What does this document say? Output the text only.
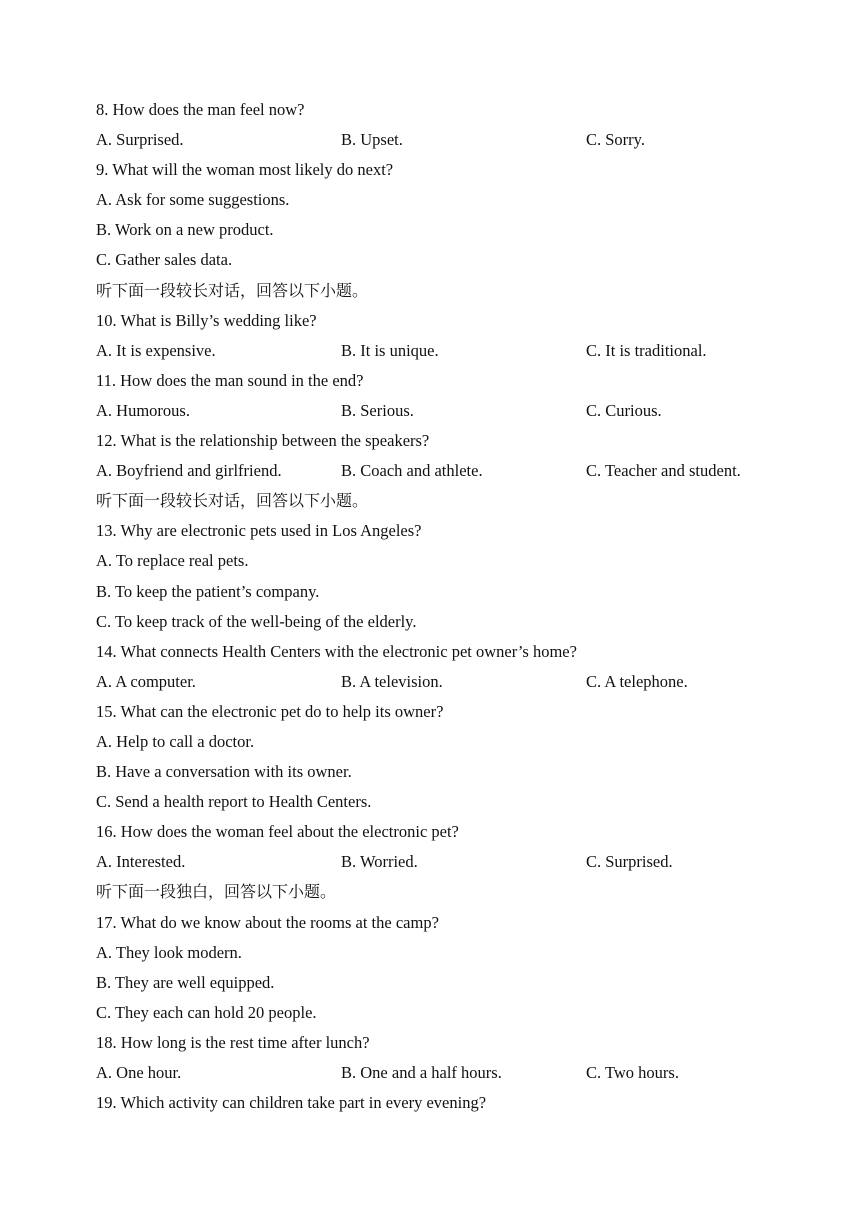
8. How does the man feel now?
A. Surprised.	B. Upset.	C. Sorry.
9. What will the woman most likely do next?
A. Ask for some suggestions.
B. Work on a new product.
C. Gather sales data.
听下面一段较长对话，回答以下小题。
10. What is Billy’s wedding like?
A. It is expensive.	B. It is unique.	C. It is traditional.
11. How does the man sound in the end?
A. Humorous.	B. Serious.	C. Curious.
12. What is the relationship between the speakers?
A. Boyfriend and girlfriend.	B. Coach and athlete.	C. Teacher and student.
听下面一段较长对话，回答以下小题。
13. Why are electronic pets used in Los Angeles?
A. To replace real pets.
B. To keep the patient’s company.
C. To keep track of the well-being of the elderly.
14. What connects Health Centers with the electronic pet owner’s home?
A. A computer.	B. A television.	C. A telephone.
15. What can the electronic pet do to help its owner?
A. Help to call a doctor.
B. Have a conversation with its owner.
C. Send a health report to Health Centers.
16. How does the woman feel about the electronic pet?
A. Interested.	B. Worried.	C. Surprised.
听下面一段独白，回答以下小题。
17. What do we know about the rooms at the camp?
A. They look modern.
B. They are well equipped.
C. They each can hold 20 people.
18. How long is the rest time after lunch?
A. One hour.	B. One and a half hours.	C. Two hours.
19. Which activity can children take part in every evening?
